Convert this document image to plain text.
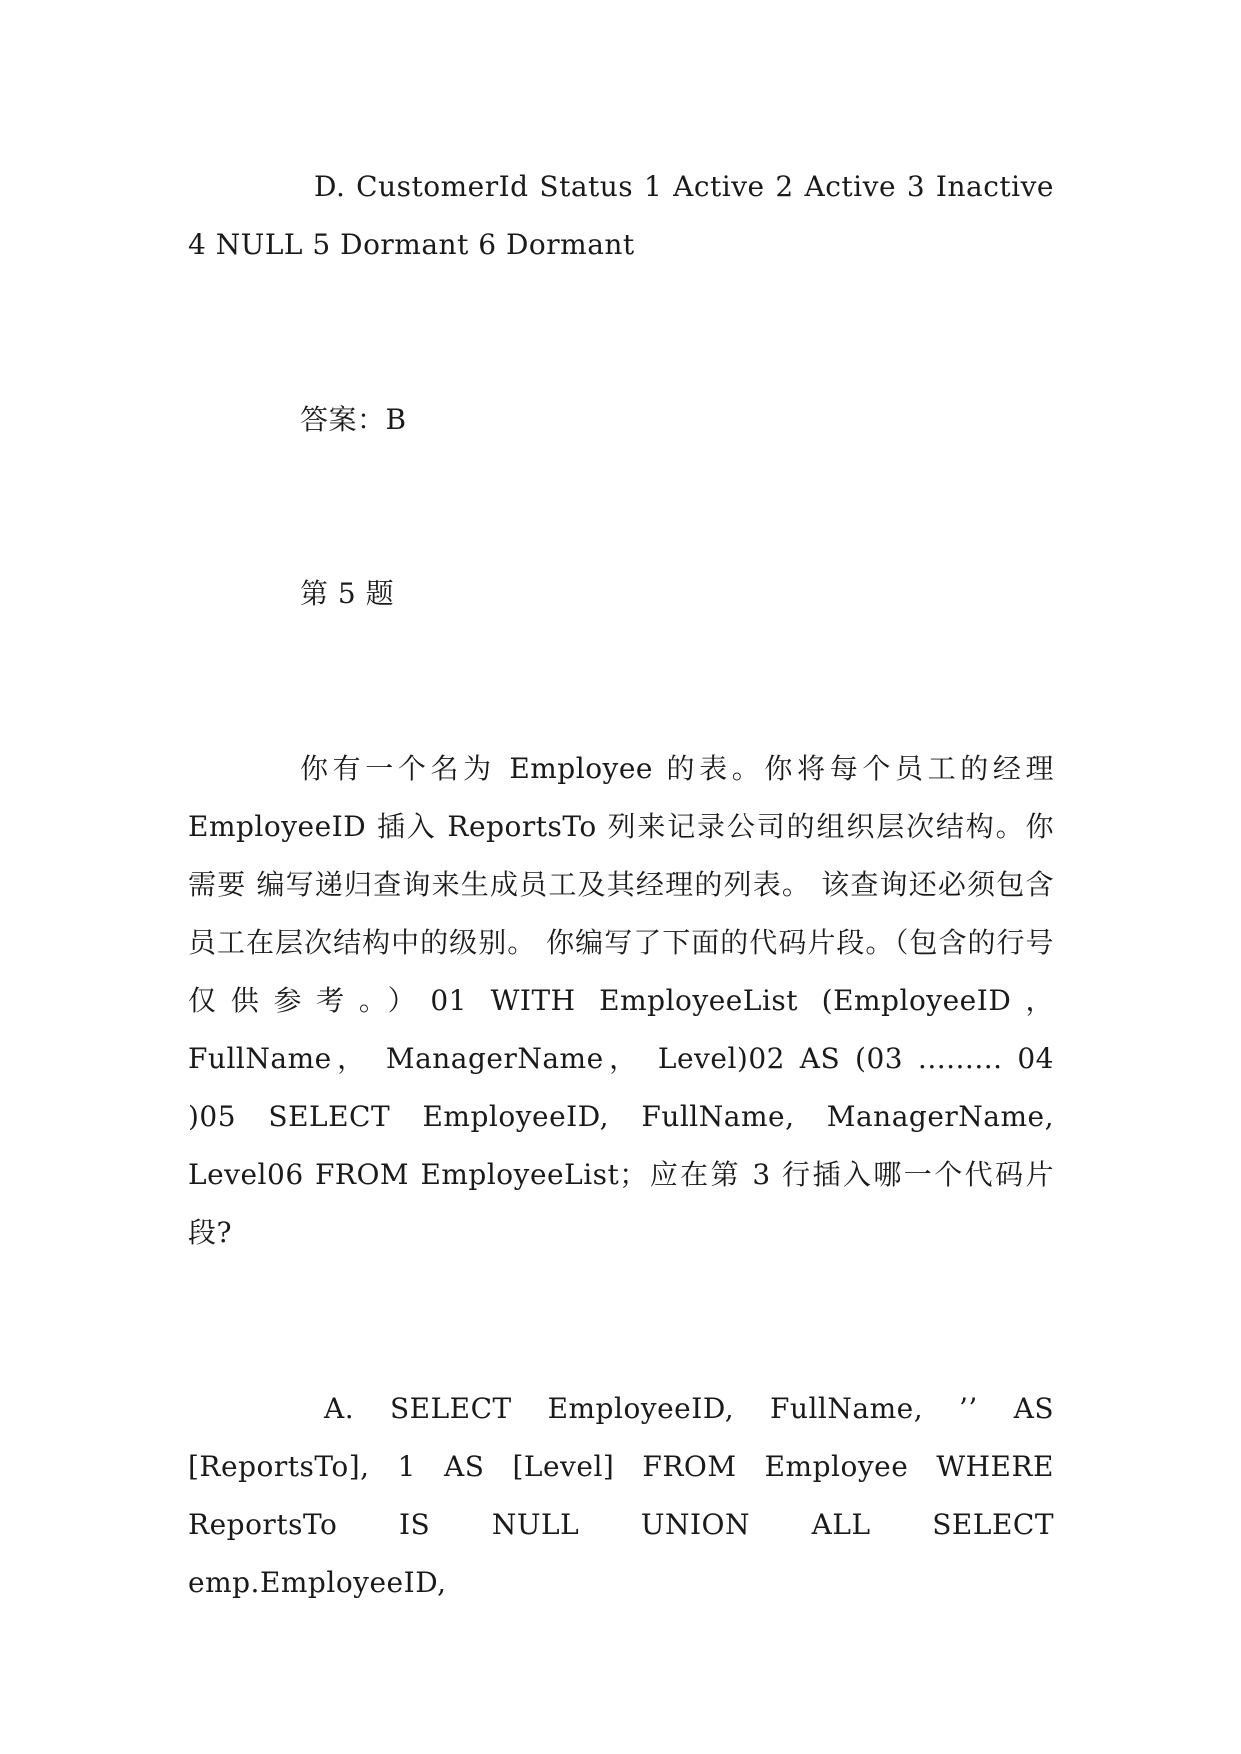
D. CustomerId Status 1 Active 2 Active 3 Inactive 4 NULL 5 Dormant 6 Dormant

答案：B

第 5 题

你有一个名为 Employee 的表。你将每个员工的经理 EmployeeID 插入 ReportsTo 列来记录公司的组织层次结构。你需要 编写递归查询来生成员工及其经理的列表。 该查询还必须包含员工在层次结构中的级别。 你编写了下面的代码片段。（包含的行号仅供参考。）01 WITH EmployeeList (EmployeeID， FullName， ManagerName， Level)02 AS (03 ......... 04 )05 SELECT EmployeeID, FullName, ManagerName, Level06 FROM EmployeeList；应在第 3 行插入哪一个代码片段?

A. SELECT EmployeeID, FullName, ’’ AS [ReportsTo], 1 AS [Level] FROM Employee WHERE ReportsTo IS NULL UNION ALL SELECT emp.EmployeeID,
